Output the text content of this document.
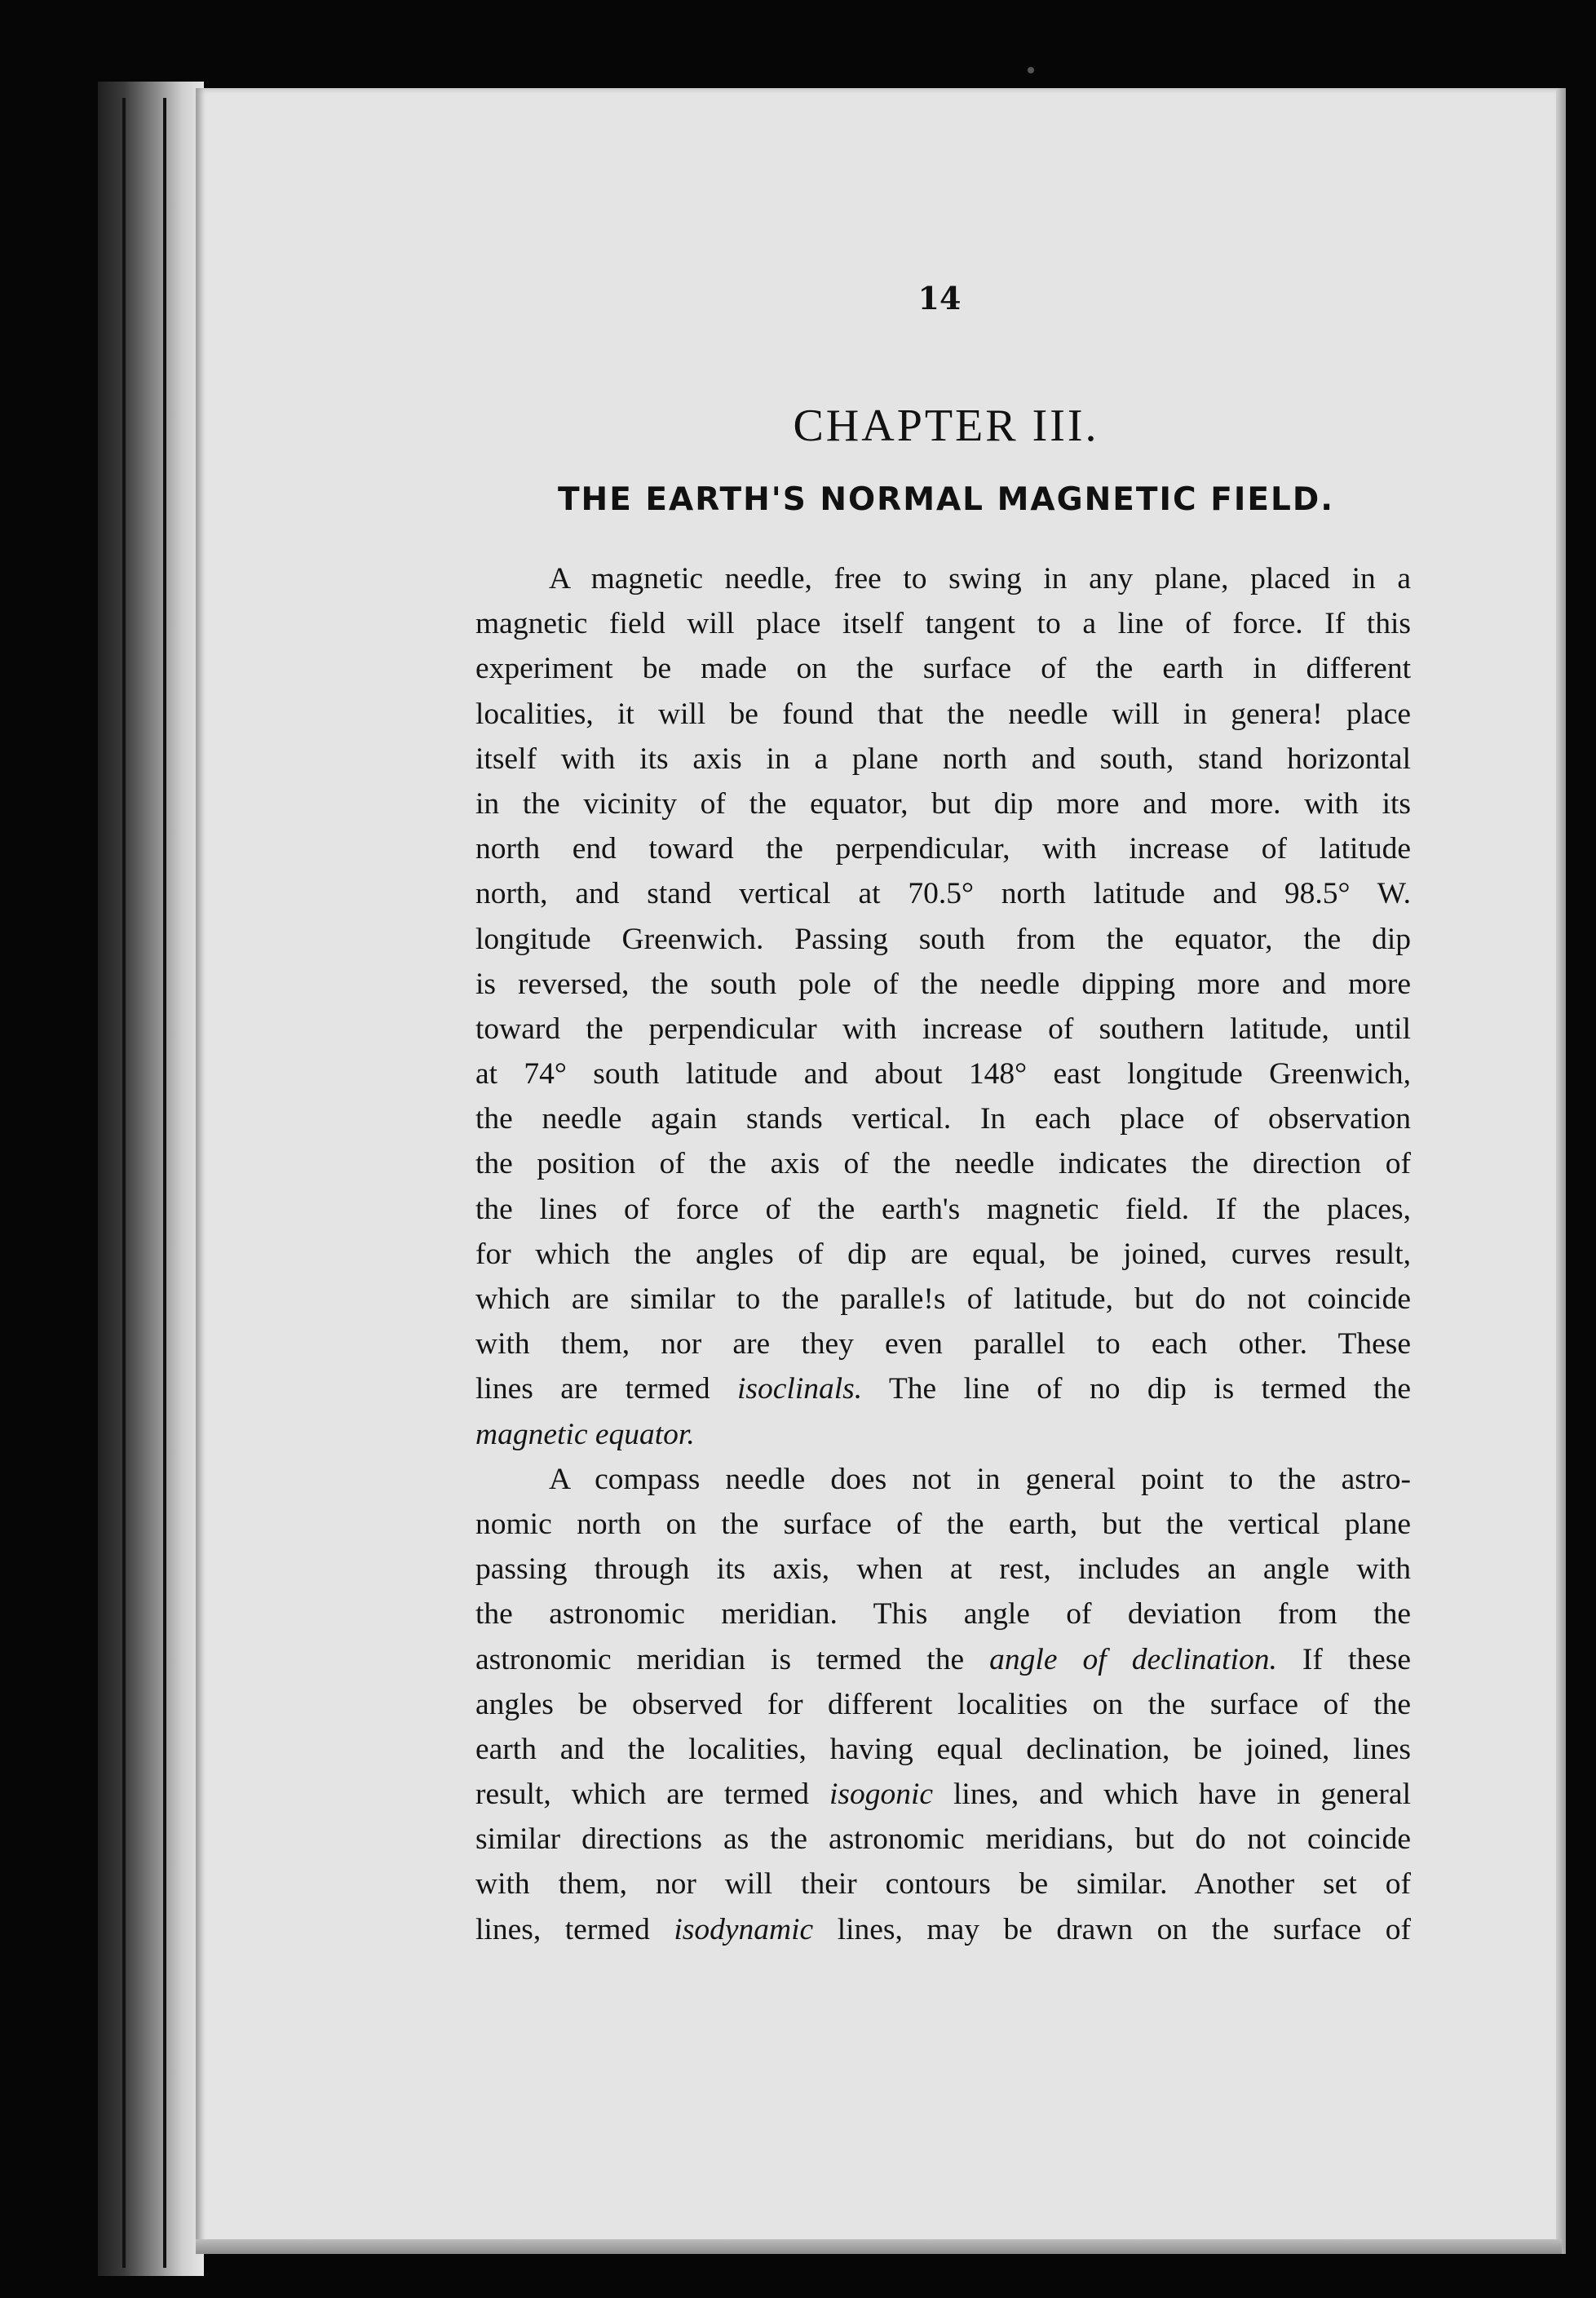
14
CHAPTER III.
THE EARTH'S NORMAL MAGNETIC FIELD.
A magnetic needle, free to swing in any plane, placed in a
magnetic field will place itself tangent to a line of force. If this
experiment be made on the surface of the earth in different
localities, it will be found that the needle will in genera! place
itself with its axis in a plane north and south, stand horizontal
in the vicinity of the equator, but dip more and more. with its
north end toward the perpendicular, with increase of latitude
north, and stand vertical at 70.5° north latitude and 98.5° W.
longitude Greenwich. Passing south from the equator, the dip
is reversed, the south pole of the needle dipping more and more
toward the perpendicular with increase of southern latitude, until
at 74° south latitude and about 148° east longitude Greenwich,
the needle again stands vertical. In each place of observation
the position of the axis of the needle indicates the direction of
the lines of force of the earth's magnetic field. If the places,
for which the angles of dip are equal, be joined, curves result,
which are similar to the paralle!s of latitude, but do not coincide
with them, nor are they even parallel to each other. These
lines are termed isoclinals. The line of no dip is termed the
magnetic equator.
A compass needle does not in general point to the astro-
nomic north on the surface of the earth, but the vertical plane
passing through its axis, when at rest, includes an angle with
the astronomic meridian. This angle of deviation from the
astronomic meridian is termed the angle of declination. If these
angles be observed for different localities on the surface of the
earth and the localities, having equal declination, be joined, lines
result, which are termed isogonic lines, and which have in general
similar directions as the astronomic meridians, but do not coincide
with them, nor will their contours be similar. Another set of
lines, termed isodynamic lines, may be drawn on the surface of
